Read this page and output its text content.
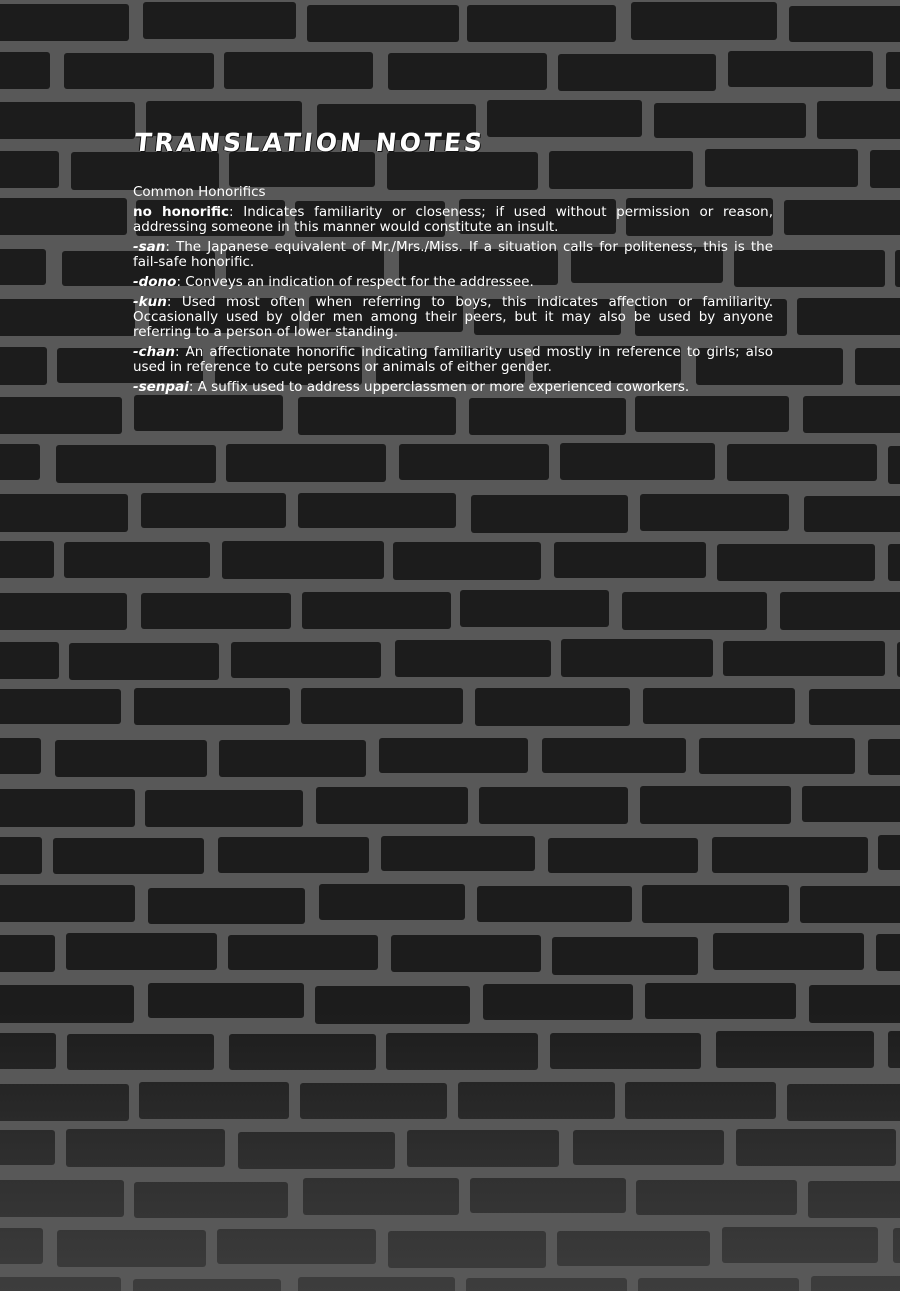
TRANSLATION NOTES
Common Honorifics
no honorific: Indicates familiarity or closeness; if used without permission or reason, addressing someone in this manner would constitute an insult.
-san: The Japanese equivalent of Mr./Mrs./Miss. If a situation calls for politeness, this is the fail-safe honorific.
-dono: Conveys an indication of respect for the addressee.
-kun: Used most often when referring to boys, this indicates affection or familiarity. Occasionally used by older men among their peers, but it may also be used by anyone referring to a person of lower standing.
-chan: An affectionate honorific indicating familiarity used mostly in reference to girls; also used in reference to cute persons or animals of either gender.
-senpai: A suffix used to address upperclassmen or more experienced coworkers.
